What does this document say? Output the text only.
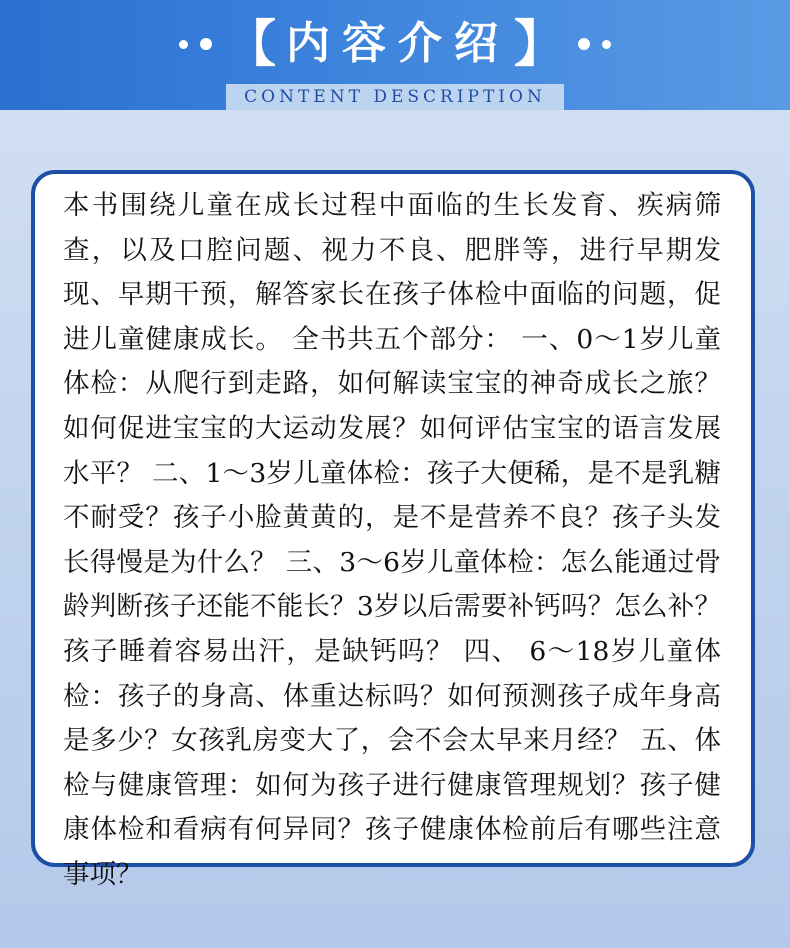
【 内容介绍 】
CONTENT DESCRIPTION
本书围绕儿童在成长过程中面临的生长发育、疾病筛查，以及口腔问题、视力不良、肥胖等，进行早期发现、早期干预，解答家长在孩子体检中面临的问题，促进儿童健康成长。 全书共五个部分： 一、0～1岁儿童体检：从爬行到走路，如何解读宝宝的神奇成长之旅？如何促进宝宝的大运动发展？如何评估宝宝的语言发展水平？ 二、1～3岁儿童体检：孩子大便稀，是不是乳糖不耐受？孩子小脸黄黄的，是不是营养不良？孩子头发长得慢是为什么？ 三、3～6岁儿童体检：怎么能通过骨龄判断孩子还能不能长？3岁以后需要补钙吗？怎么补？孩子睡着容易出汗，是缺钙吗？ 四、 6～18岁儿童体检：孩子的身高、体重达标吗？如何预测孩子成年身高是多少？女孩乳房变大了，会不会太早来月经？ 五、体检与健康管理：如何为孩子进行健康管理规划？孩子健康体检和看病有何异同？孩子健康体检前后有哪些注意事项？
